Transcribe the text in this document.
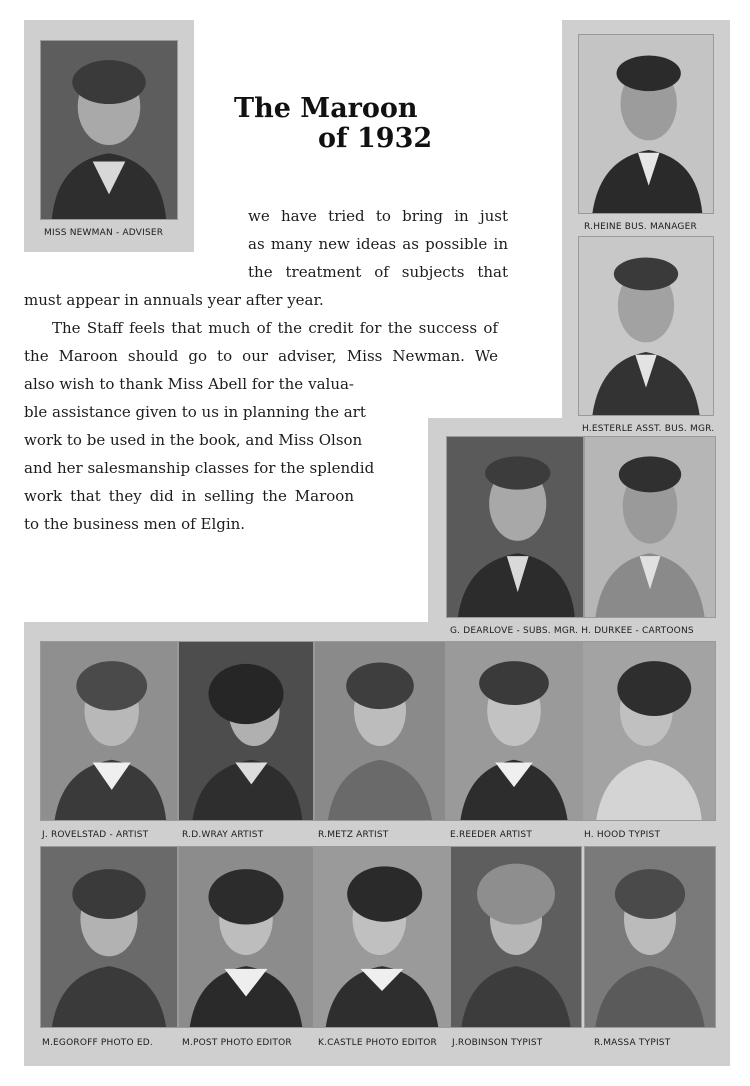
MISS NEWMAN - ADVISER
The Maroon
of 1932
we have tried to bring in just
as many new ideas as possible in
the treatment of subjects that
must appear in annuals year after year.
The Staff feels that much of the credit for the success of
the Maroon should go to our adviser, Miss Newman. We
also wish to thank Miss Abell for the valua-
ble assistance given to us in planning the art
work to be used in the book, and Miss Olson
and her salesmanship classes for the splendid
work that they did in selling the Maroon
to the business men of Elgin.
R.HEINE BUS. MANAGER
H.ESTERLE ASST. BUS. MGR.
G. DEARLOVE - SUBS. MGR. H. DURKEE - CARTOONS
J. ROVELSTAD - ARTIST	R.D.WRAY ARTIST	R.METZ ARTIST	E.REEDER ARTIST	H. HOOD TYPIST
M.EGOROFF PHOTO ED.	M.POST PHOTO EDITOR	K.CASTLE PHOTO EDITOR J.ROBINSON TYPIST	R.MASSA TYPIST
